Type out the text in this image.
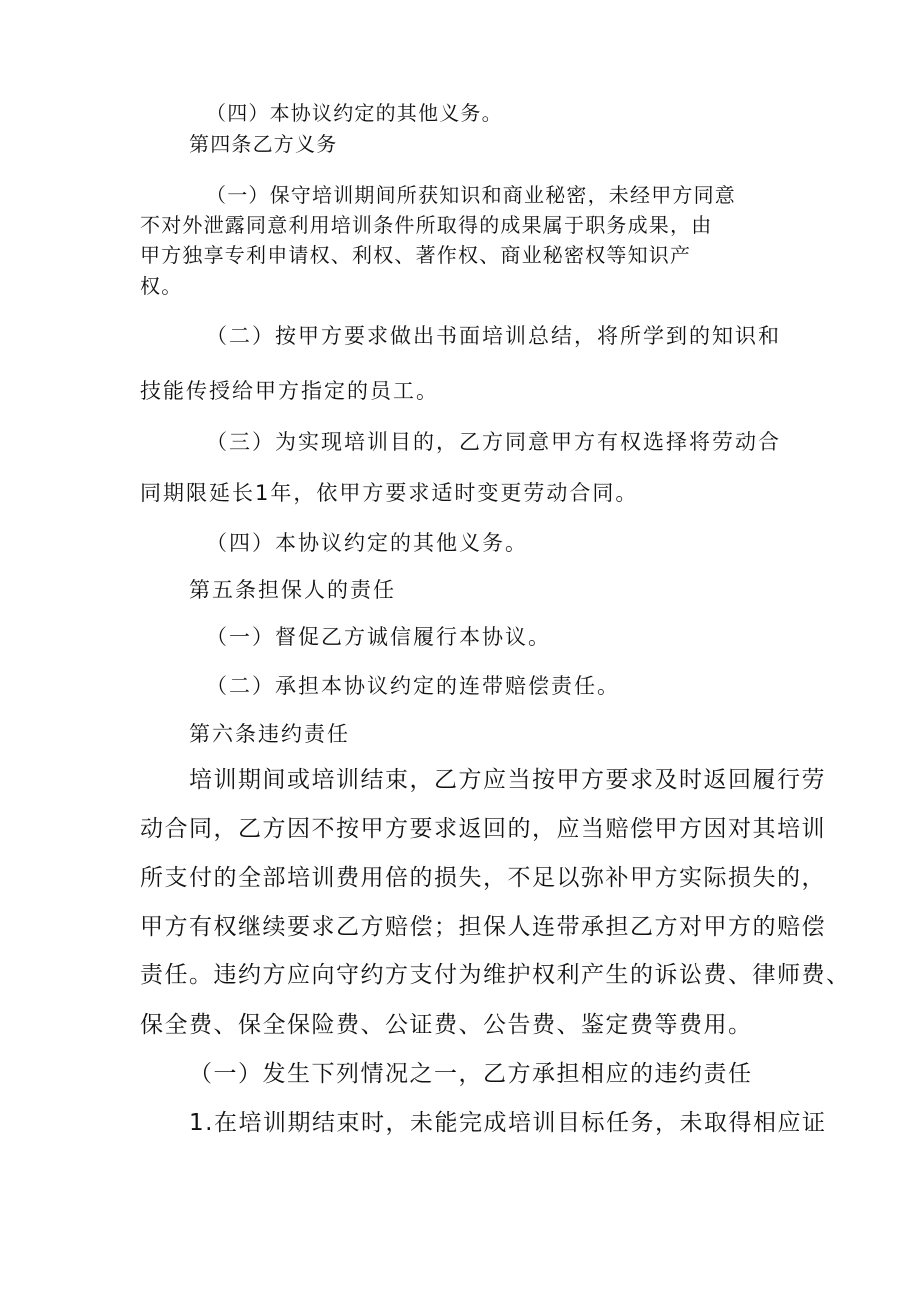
（四）本协议约定的其他义务。
第四条乙方义务
（一）保守培训期间所获知识和商业秘密，未经甲方同意
不对外泄露同意利用培训条件所取得的成果属于职务成果，由
甲方独享专利申请权、利权、著作权、商业秘密权等知识产
权。
（二）按甲方要求做出书面培训总结，将所学到的知识和
技能传授给甲方指定的员工。
（三）为实现培训目的，乙方同意甲方有权选择将劳动合
同期限延长1年，依甲方要求适时变更劳动合同。
（四）本协议约定的其他义务。
第五条担保人的责任
（一）督促乙方诚信履行本协议。
（二）承担本协议约定的连带赔偿责任。
第六条违约责任
培训期间或培训结束，乙方应当按甲方要求及时返回履行劳
动合同，乙方因不按甲方要求返回的，应当赔偿甲方因对其培训
所支付的全部培训费用倍的损失，不足以弥补甲方实际损失的，
甲方有权继续要求乙方赔偿；担保人连带承担乙方对甲方的赔偿
责任。违约方应向守约方支付为维护权利产生的诉讼费、律师费、
保全费、保全保险费、公证费、公告费、鉴定费等费用。
（一）发生下列情况之一，乙方承担相应的违约责任
1.在培训期结束时，未能完成培训目标任务，未取得相应证
